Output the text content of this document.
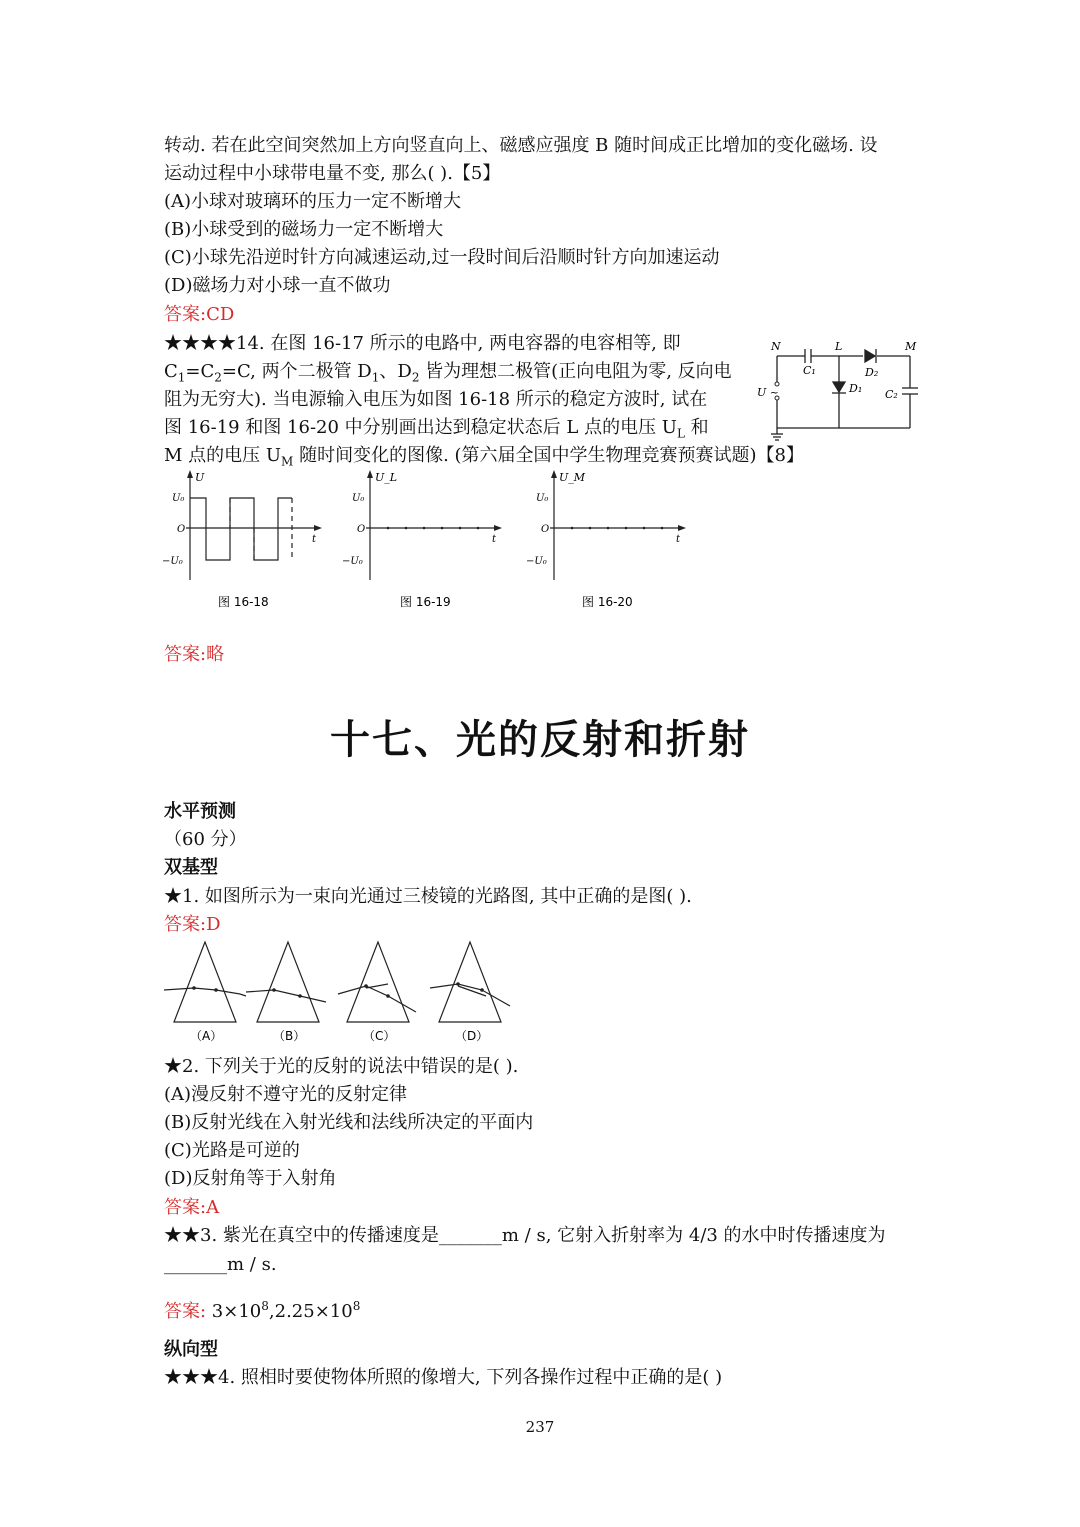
转动. 若在此空间突然加上方向竖直向上、磁感应强度 B 随时间成正比增加的变化磁场. 设
运动过程中小球带电量不变, 那么( ).【5】
(A)小球对玻璃环的压力一定不断增大
(B)小球受到的磁场力一定不断增大
(C)小球先沿逆时针方向减速运动,过一段时间后沿顺时针方向加速运动
(D)磁场力对小球一直不做功
答案:CD
★★★★14. 在图 16-17 所示的电路中, 两电容器的电容相等, 即
$C_1=C_2=C$, 两个二极管 $D_1$、$D_2$ 皆为理想二极管(正向电阻为零, 反向电
阻为无穷大). 当电源输入电压为如图 16-18 所示的稳定方波时, 试在
图 16-19 和图 16-20 中分别画出达到稳定状态后 L 点的电压 $U_L$ 和
M 点的电压 $U_M$ 随时间变化的图像. (第六届全国中学生物理竞赛预赛试题)【8】
N	L	M
C₁	D₂
D₁ C₂
U ~
U
U₀
O
−U₀
t
图 16-18
U_L
U₀
O
−U₀
t
图 16-19
U_M
U₀
O
−U₀
t
图 16-20
答案:略
十七、光的反射和折射
水平预测
（60 分）
双基型
★1. 如图所示为一束向光通过三棱镜的光路图, 其中正确的是图( ).
答案:D
（A）	（B）	（C）	（D）
★2. 下列关于光的反射的说法中错误的是( ).
(A)漫反射不遵守光的反射定律
(B)反射光线在入射光线和法线所决定的平面内
(C)光路是可逆的
(D)反射角等于入射角
答案:A
★★3. 紫光在真空中的传播速度是_______m / s, 它射入折射率为 4/3 的水中时传播速度为
_______m / s.
答案: $3\times 10^8,2.25\times 10^8$
纵向型
★★★4. 照相时要使物体所照的像增大, 下列各操作过程中正确的是( )
237
